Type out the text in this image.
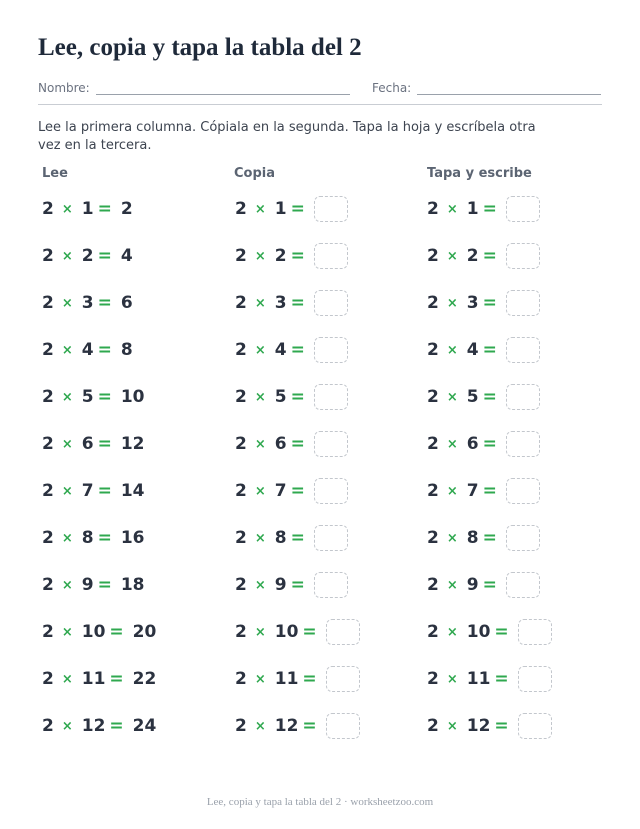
Lee, copia y tapa la tabla del 2
Nombre:	Fecha:
Lee la primera columna. Cópiala en la segunda. Tapa la hoja y escríbela otra vez en la tercera.
Lee	Copia	Tapa y escribe
2 × 1 = 2	2 × 1 =	2 × 1 =
2 × 2 = 4	2 × 2 =	2 × 2 =
2 × 3 = 6	2 × 3 =	2 × 3 =
2 × 4 = 8	2 × 4 =	2 × 4 =
2 × 5 = 10	2 × 5 =	2 × 5 =
2 × 6 = 12	2 × 6 =	2 × 6 =
2 × 7 = 14	2 × 7 =	2 × 7 =
2 × 8 = 16	2 × 8 =	2 × 8 =
2 × 9 = 18	2 × 9 =	2 × 9 =
2 × 10 = 20	2 × 10 =	2 × 10 =
2 × 11 = 22	2 × 11 =	2 × 11 =
2 × 12 = 24	2 × 12 =	2 × 12 =
Lee, copia y tapa la tabla del 2 · worksheetzoo.com
